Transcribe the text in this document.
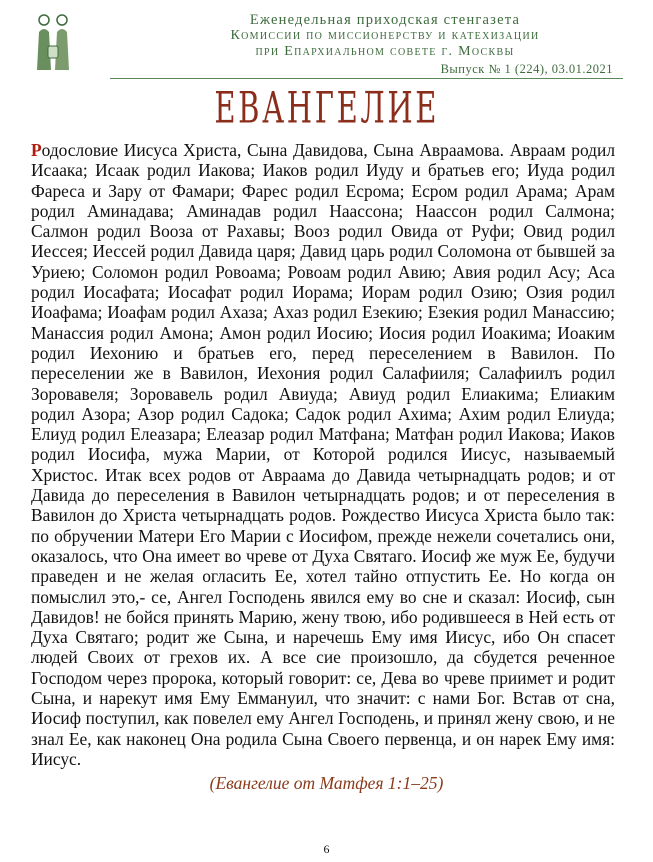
Еженедельная приходская стенгазета
Комиссии по миссионерству и катехизации
при Епархиальном совете г. Москвы
Выпуск № 1 (224), 03.01.2021
ЕВАНГЕЛИЕ

Родословие Иисуса Христа, Сына Давидова, Сына Авраамова. Авраам родил Исаака; Исаак родил Иакова; Иаков родил Иуду и братьев его; Иуда родил Фареса и Зару от Фамари; Фарес родил Есрома; Есром родил Арама; Арам родил Аминадава; Аминадав родил Наассона; Наассон родил Салмона; Салмон родил Вооза от Рахавы; Вооз родил Овида от Руфи; Овид родил Иессея; Иессей родил Давида царя; Давид царь родил Соломона от бывшей за Уриею; Соломон родил Ровоама; Ровоам родил Авию; Авия родил Асу; Аса родил Иосафата; Иосафат родил Иорама; Иорам родил Озию; Озия родил Иоафама; Иоафам родил Ахаза; Ахаз родил Езекию; Езекия родил Манассию; Манассия родил Амона; Амон родил Иосию; Иосия родил Иоакима; Иоаким родил Иехонию и братьев его, перед переселением в Вавилон. По переселении же в Вавилон, Иехония родил Салафииля; Салафиилъ родил Зоровавеля; Зоровавель родил Авиуда; Авиуд родил Елиакима; Елиаким родил Азора; Азор родил Садока; Садок родил Ахима; Ахим родил Елиуда; Елиуд родил Елеазара; Елеазар родил Матфана; Матфан родил Иакова; Иаков родил Иосифа, мужа Марии, от Которой родился Иисус, называемый Христос. Итак всех родов от Авраама до Давида четырнадцать родов; и от Давида до переселения в Вавилон четырнадцать родов; и от переселения в Вавилон до Христа четырнадцать родов. Рождество Иисуса Христа было так: по обручении Матери Его Марии с Иосифом, прежде нежели сочетались они, оказалось, что Она имеет во чреве от Духа Святаго. Иосиф же муж Ее, будучи праведен и не желая огласить Ее, хотел тайно отпустить Ее. Но когда он помыслил это,- се, Ангел Господень явился ему во сне и сказал: Иосиф, сын Давидов! не бойся принять Марию, жену твою, ибо родившееся в Ней есть от Духа Святаго; родит же Сына, и наречешь Ему имя Иисус, ибо Он спасет людей Своих от грехов их. А все сие произошло, да сбудется реченное Господом через пророка, который говорит: се, Дева во чреве приимет и родит Сына, и нарекут имя Ему Еммануил, что значит: с нами Бог. Встав от сна, Иосиф поступил, как повелел ему Ангел Господень, и принял жену свою, и не знал Ее, как наконец Она родила Сына Своего первенца, и он нарек Ему имя: Иисус.

(Евангелие от Матфея 1:1–25)
6
